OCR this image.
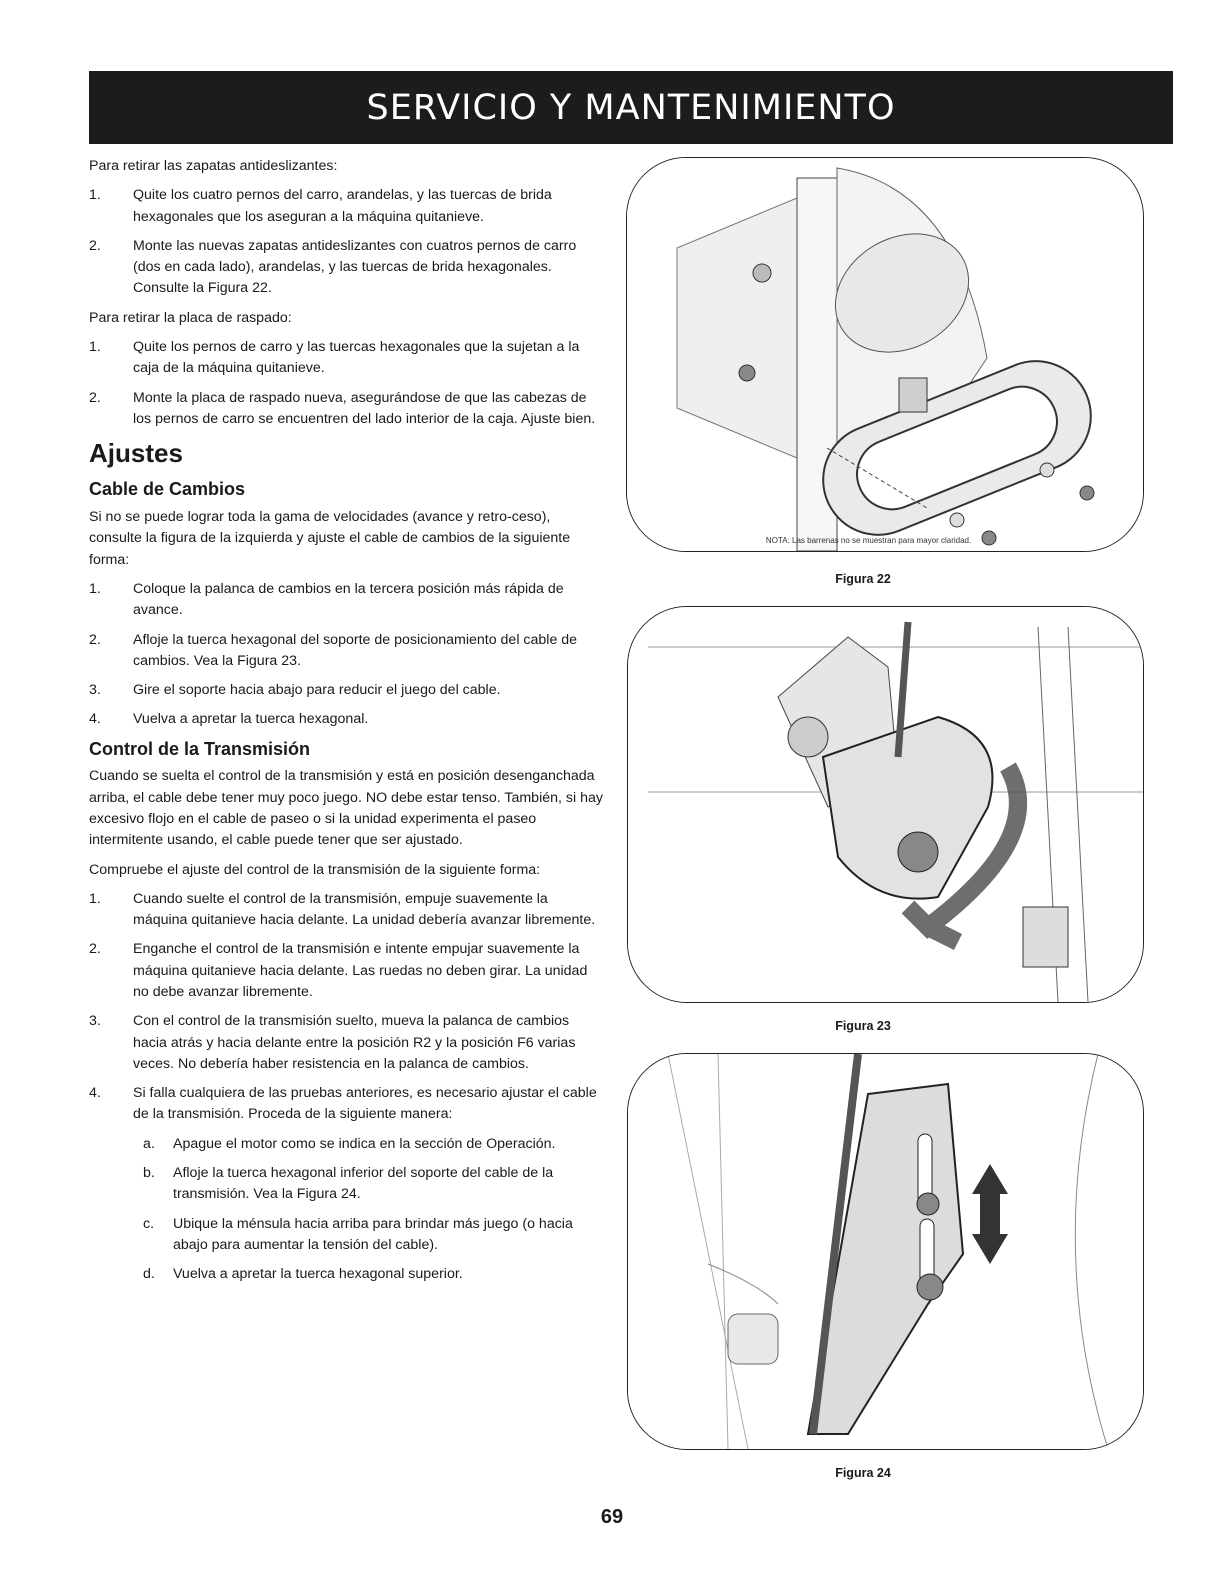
SERVICIO Y MANTENIMIENTO

Para retirar las zapatas antideslizantes:

1.	Quite los cuatro pernos del carro, arandelas, y las tuercas de brida hexagonales que los aseguran a la máquina quitanieve.
2.	Monte las nuevas zapatas antideslizantes con cuatros pernos de carro (dos en cada lado), arandelas, y las tuercas de brida hexagonales. Consulte la Figura 22.

Para retirar la placa de raspado:

1.	Quite los pernos de carro y las tuercas hexagonales que la sujetan a la caja de la máquina quitanieve.
2.	Monte la placa de raspado nueva, asegurándose de que las cabezas de los pernos de carro se encuentren del lado interior de la caja. Ajuste bien.
Ajustes
Cable de Cambios

Si no se puede lograr toda la gama de velocidades (avance y retro-ceso), consulte la figura de la izquierda y ajuste el cable de cambios de la siguiente forma:

1.	Coloque la palanca de cambios en la tercera posición más rápida de avance.
2.	Afloje la tuerca hexagonal del soporte de posicionamiento del cable de cambios. Vea la Figura 23.
3.	Gire el soporte hacia abajo para reducir el juego del cable.
4.	Vuelva a apretar la tuerca hexagonal.
Control de la Transmisión

Cuando se suelta el control de la transmisión y está en posición desenganchada arriba, el cable debe tener muy poco juego. NO debe estar tenso. También, si hay excesivo flojo en el cable de paseo o si la unidad experimenta el paseo intermitente usando, el cable puede tener que ser ajustado.

Compruebe el ajuste del control de la transmisión de la siguiente forma:

1.	Cuando suelte el control de la transmisión, empuje suavemente la máquina quitanieve hacia delante. La unidad debería avanzar libremente.
2.	Enganche el control de la transmisión e intente empujar suavemente la máquina quitanieve hacia delante. Las ruedas no deben girar. La unidad no debe avanzar libremente.
3.	Con el control de la transmisión suelto, mueva la palanca de cambios hacia atrás y hacia delante entre la posición R2 y la posición F6 varias veces. No debería haber resistencia en la palanca de cambios.
4.	Si falla cualquiera de las pruebas anteriores, es necesario ajustar el cable de la transmisión. Proceda de la siguiente manera:
a.	Apague el motor como se indica en la sección de Operación.
b.	Afloje la tuerca hexagonal inferior del soporte del cable de la transmisión. Vea la Figura 24.
c.	Ubique la ménsula hacia arriba para brindar más juego (o hacia abajo para aumentar la tensión del cable).
d.	Vuelva a apretar la tuerca hexagonal superior.
NOTA: Las barrenas no se muestran para mayor claridad.
Figura 22
Figura 23
Figura 24
69
